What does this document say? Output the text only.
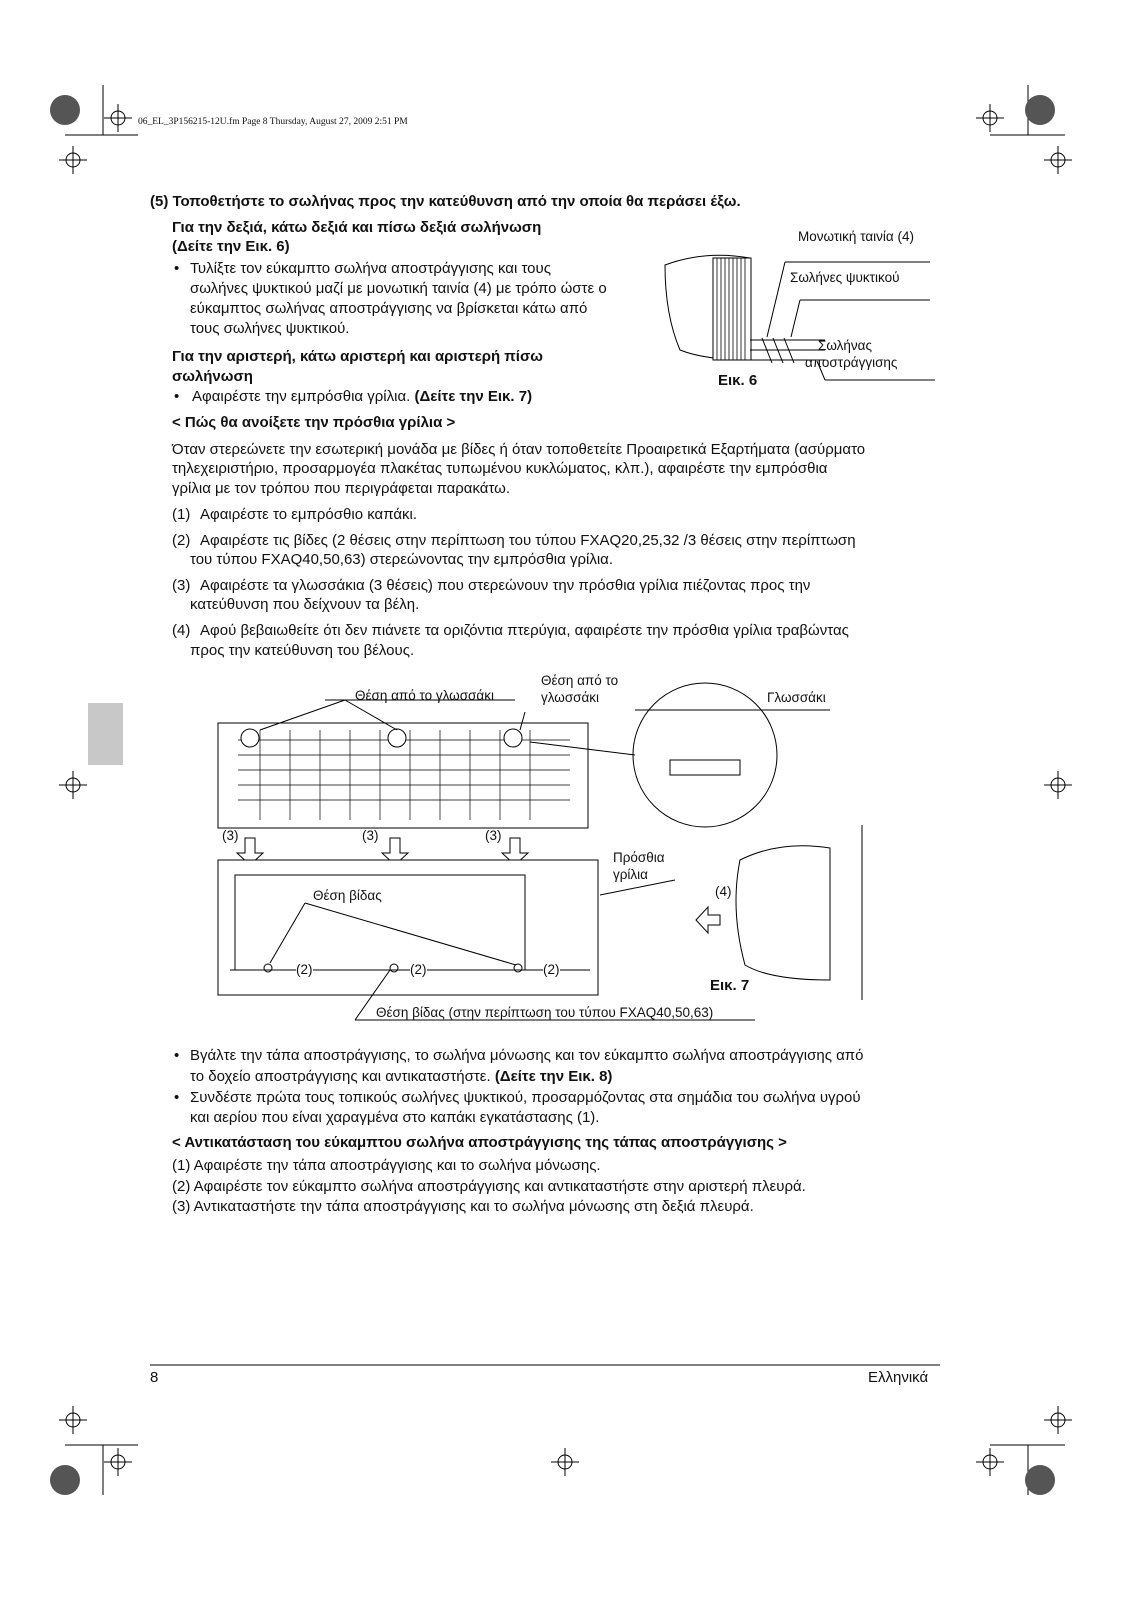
06_EL_3P156215-12U.fm Page 8 Thursday, August 27, 2009 2:51 PM
(5) Τοποθετήστε το σωλήνας προς την κατεύθυνση από την οποία θα περάσει έξω.
Για την δεξιά, κάτω δεξιά και πίσω δεξιά σωλήνωση
(Δείτε την Εικ. 6)
• Τυλίξτε τον εύκαμπτο σωλήνα αποστράγγισης και τους
σωλήνες ψυκτικού μαζί με μονωτική ταινία (4) με τρόπο ώστε ο
εύκαμπτος σωλήνας αποστράγγισης να βρίσκεται κάτω από
τους σωλήνες ψυκτικού.
Για την αριστερή, κάτω αριστερή και αριστερή πίσω
σωλήνωση
• Αφαιρέστε την εμπρόσθια γρίλια. (Δείτε την Εικ. 7)
< Πώς θα ανοίξετε την πρόσθια γρίλια >
Όταν στερεώνετε την εσωτερική μονάδα με βίδες ή όταν τοποθετείτε Προαιρετικά Εξαρτήματα (ασύρματο
τηλεχειριστήριο, προσαρμογέα πλακέτας τυπωμένου κυκλώματος, κλπ.), αφαιρέστε την εμπρόσθια
γρίλια με τον τρόπου που περιγράφεται παρακάτω.
(1) Αφαιρέστε το εμπρόσθιο καπάκι.
(2) Αφαιρέστε τις βίδες (2 θέσεις στην περίπτωση του τύπου FXAQ20,25,32 /3 θέσεις στην περίπτωση
του τύπου FXAQ40,50,63) στερεώνοντας την εμπρόσθια γρίλια.
(3) Αφαιρέστε τα γλωσσάκια (3 θέσεις) που στερεώνουν την πρόσθια γρίλια πιέζοντας προς την
κατεύθυνση που δείχνουν τα βέλη.
(4) Αφού βεβαιωθείτε ότι δεν πιάνετε τα οριζόντια πτερύγια, αφαιρέστε την πρόσθια γρίλια τραβώντας
προς την κατεύθυνση του βέλους.
Μονωτική ταινία (4)
Σωλήνες ψυκτικού
Σωλήνας
αποστράγγισης
Εικ. 6
Θέση από το γλωσσάκι
Θέση από το
γλωσσάκι	Γλωσσάκι
(3)	(3)	(3)
Πρόσθια
γρίλια
(4)
Θέση βίδας
(2)	(2)	(2)
Εικ. 7
Θέση βίδας (στην περίπτωση του τύπου FXAQ40,50,63)
• Βγάλτε την τάπα αποστράγγισης, το σωλήνα μόνωσης και τον εύκαμπτο σωλήνα αποστράγγισης από
το δοχείο αποστράγγισης και αντικαταστήστε. (Δείτε την Εικ. 8)
• Συνδέστε πρώτα τους τοπικούς σωλήνες ψυκτικού, προσαρμόζοντας στα σημάδια του σωλήνα υγρού
και αερίου που είναι χαραγμένα στο καπάκι εγκατάστασης (1).
< Αντικατάσταση του εύκαμπτου σωλήνα αποστράγγισης της τάπας αποστράγγισης >
(1) Αφαιρέστε την τάπα αποστράγγισης και το σωλήνα μόνωσης.
(2) Αφαιρέστε τον εύκαμπτο σωλήνα αποστράγγισης και αντικαταστήστε στην αριστερή πλευρά.
(3) Αντικαταστήστε την τάπα αποστράγγισης και το σωλήνα μόνωσης στη δεξιά πλευρά.
8	Ελληνικά
